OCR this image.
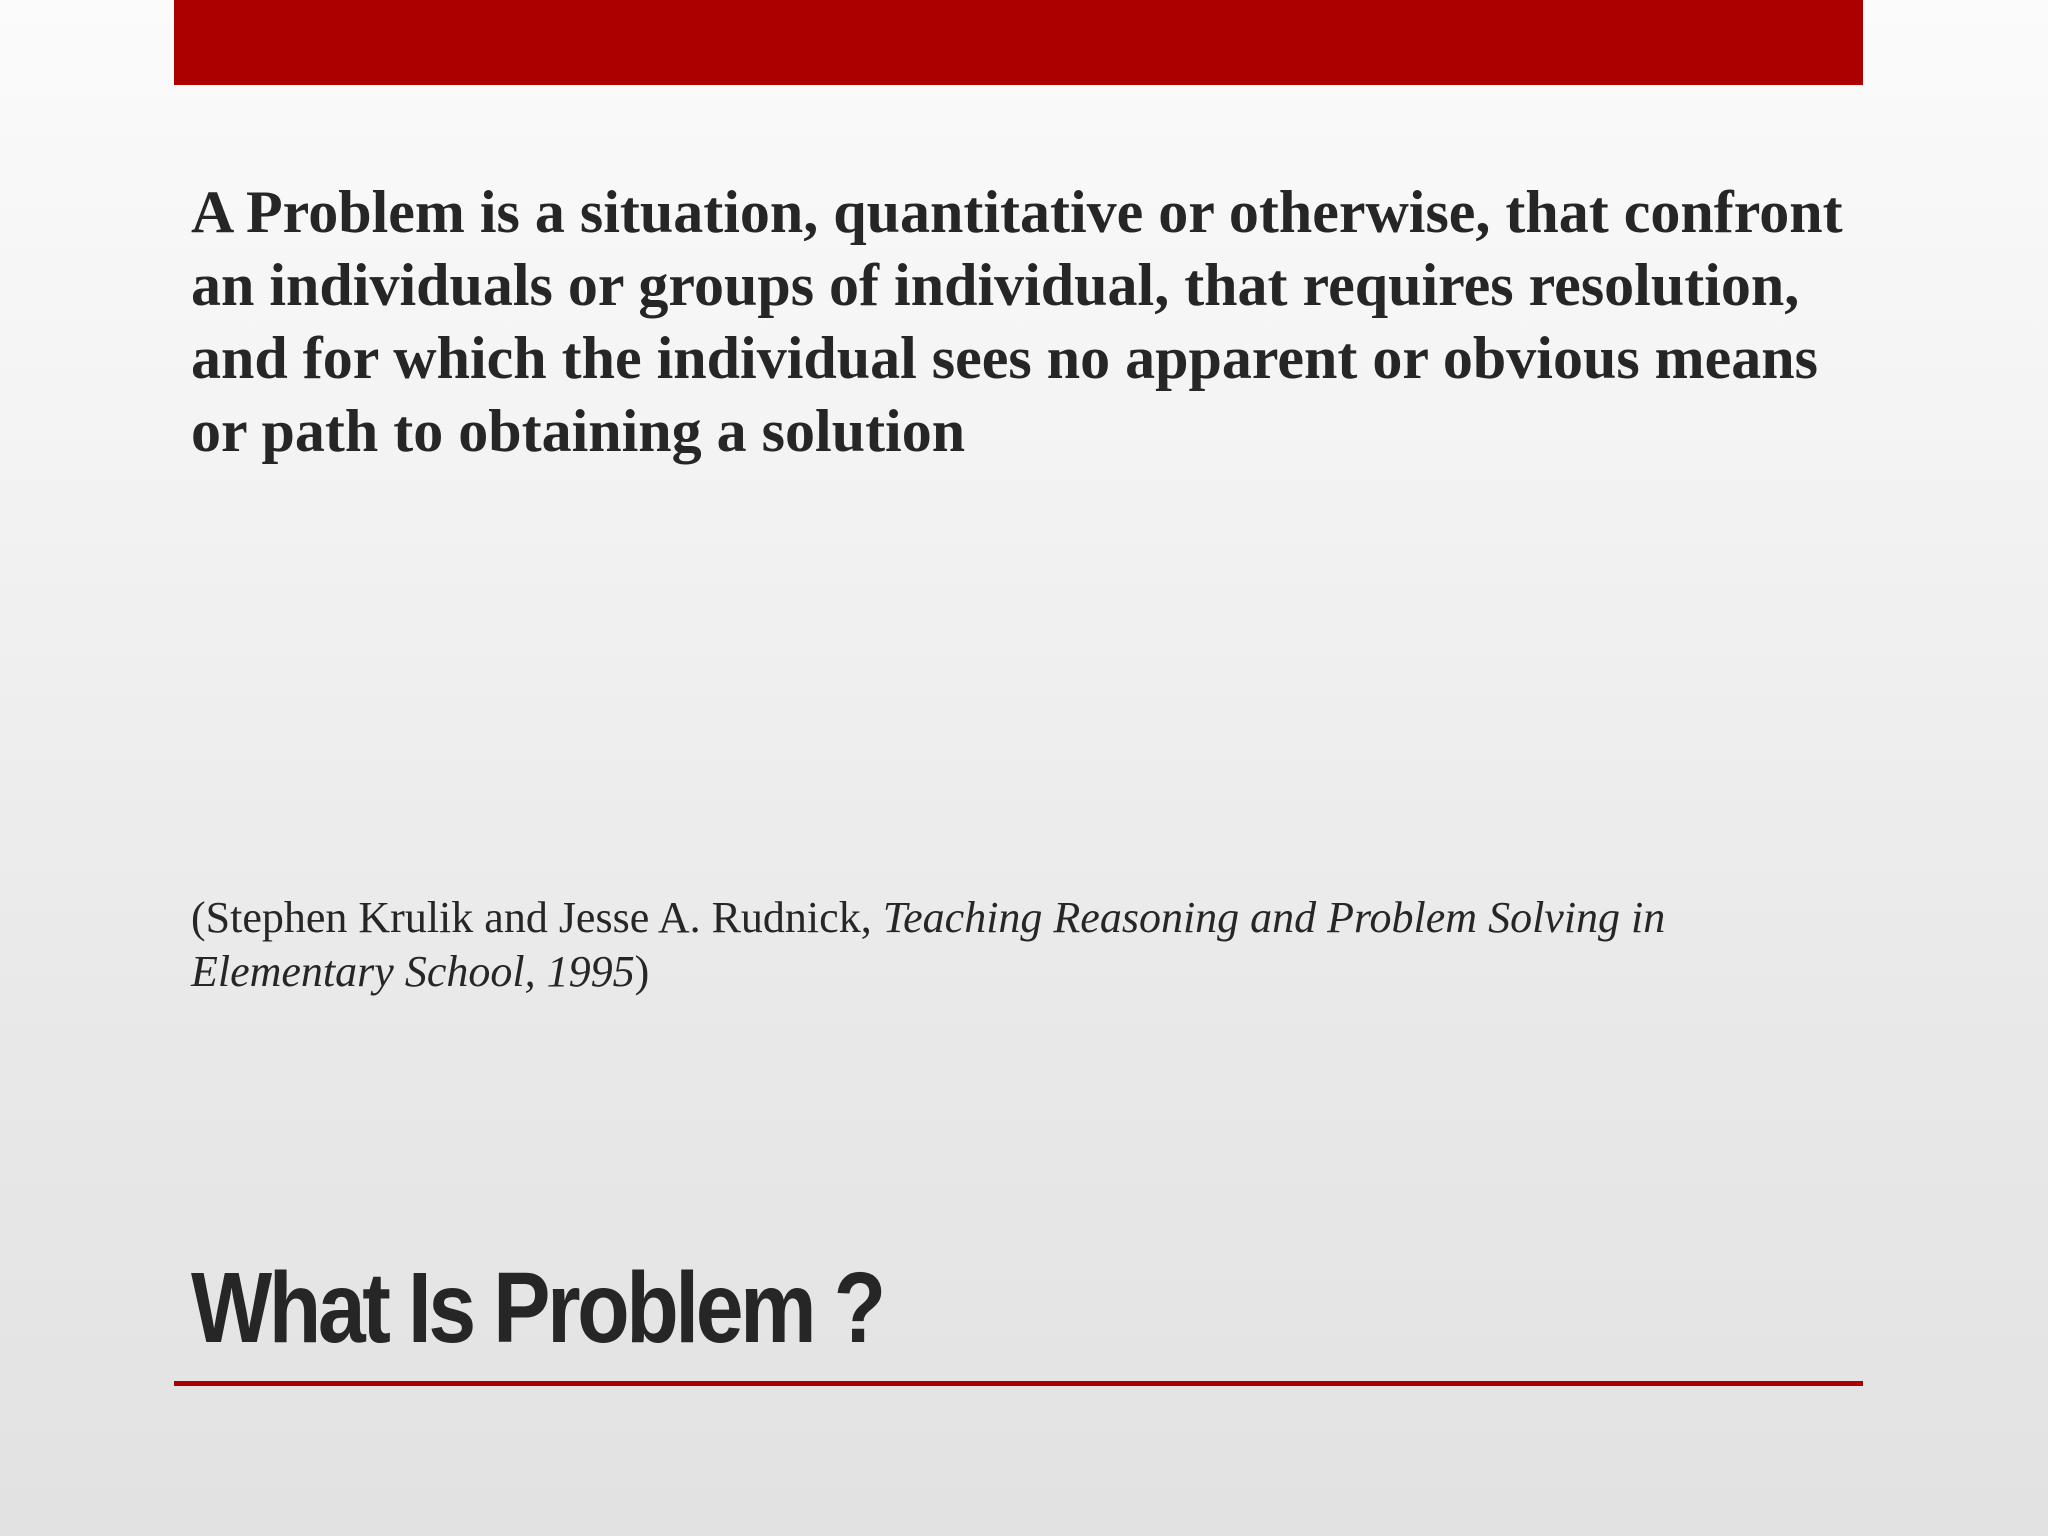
A Problem is a situation, quantitative or otherwise, that confront an individuals or groups of individual, that requires resolution, and for which the individual sees no apparent or obvious means or path to obtaining a solution

(Stephen Krulik and Jesse A. Rudnick, Teaching Reasoning and Problem Solving in Elementary School, 1995)

What Is Problem ?
